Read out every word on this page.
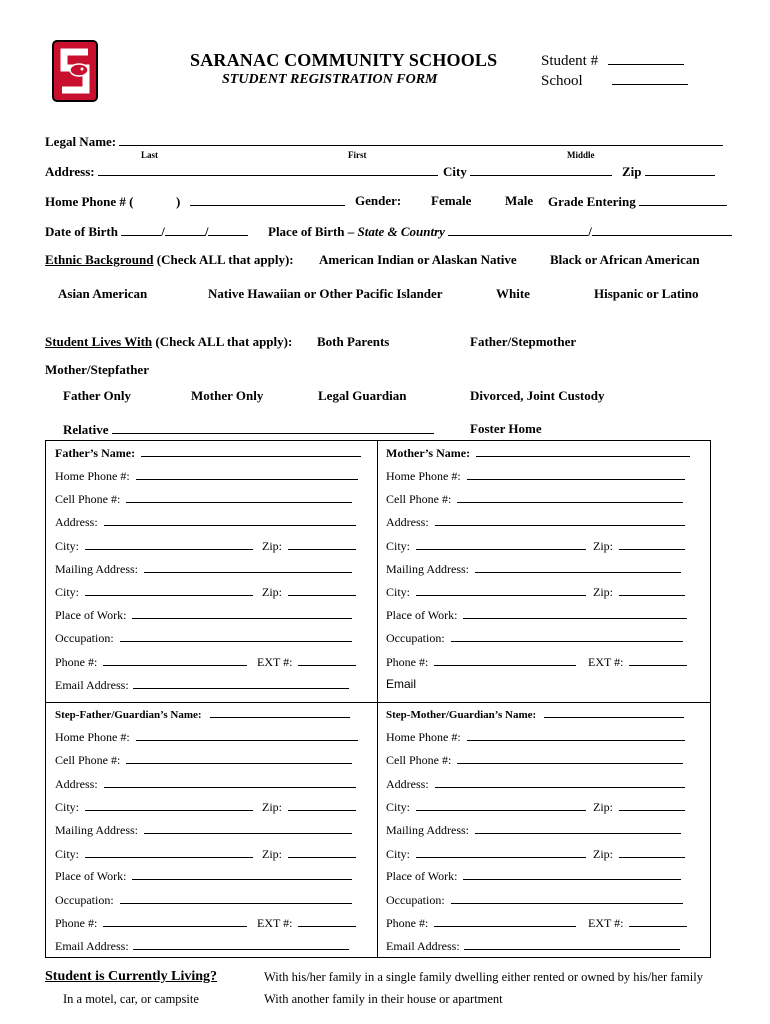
SARANAC COMMUNITY SCHOOLS
STUDENT REGISTRATION FORM
Student #
School
Legal Name:
Last	First	Middle
Address:	City	Zip
Home Phone # (	)	Gender: Female	Male Grade Entering
Date of Birth	/	/	Place of Birth – State & Country	/
Ethnic Background (Check ALL that apply): American Indian or Alaskan Native	Black or African American
Asian American	Native Hawaiian or Other Pacific Islander	White	Hispanic or Latino
Student Lives With (Check ALL that apply): Both Parents	Father/Stepmother
Mother/Stepfather
Father Only	Mother Only	Legal Guardian	Divorced, Joint Custody
Relative	Foster Home
Father’s Name:
Home Phone #:
Cell Phone #:
Address:
City:	Zip:
Mailing Address:
City:	Zip:
Place of Work:
Occupation:
Phone #:	EXT #:
Email Address:
Mother’s Name:
Home Phone #:
Cell Phone #:
Address:
City:	Zip:
Mailing Address:
City:	Zip:
Place of Work:
Occupation:
Phone #:	EXT #:
Email
Step-Father/Guardian’s Name:
Home Phone #:
Cell Phone #:
Address:
City:	Zip:
Mailing Address:
City:	Zip:
Place of Work:
Occupation:
Phone #:	EXT #:
Email Address:
Step-Mother/Guardian’s Name:
Home Phone #:
Cell Phone #:
Address:
City:	Zip:
Mailing Address:
City:	Zip:
Place of Work:
Occupation:
Phone #:	EXT #:
Email Address:
Student is Currently Living?	With his/her family in a single family dwelling either rented or owned by his/her family
In a motel, car, or campsite	With another family in their house or apartment
